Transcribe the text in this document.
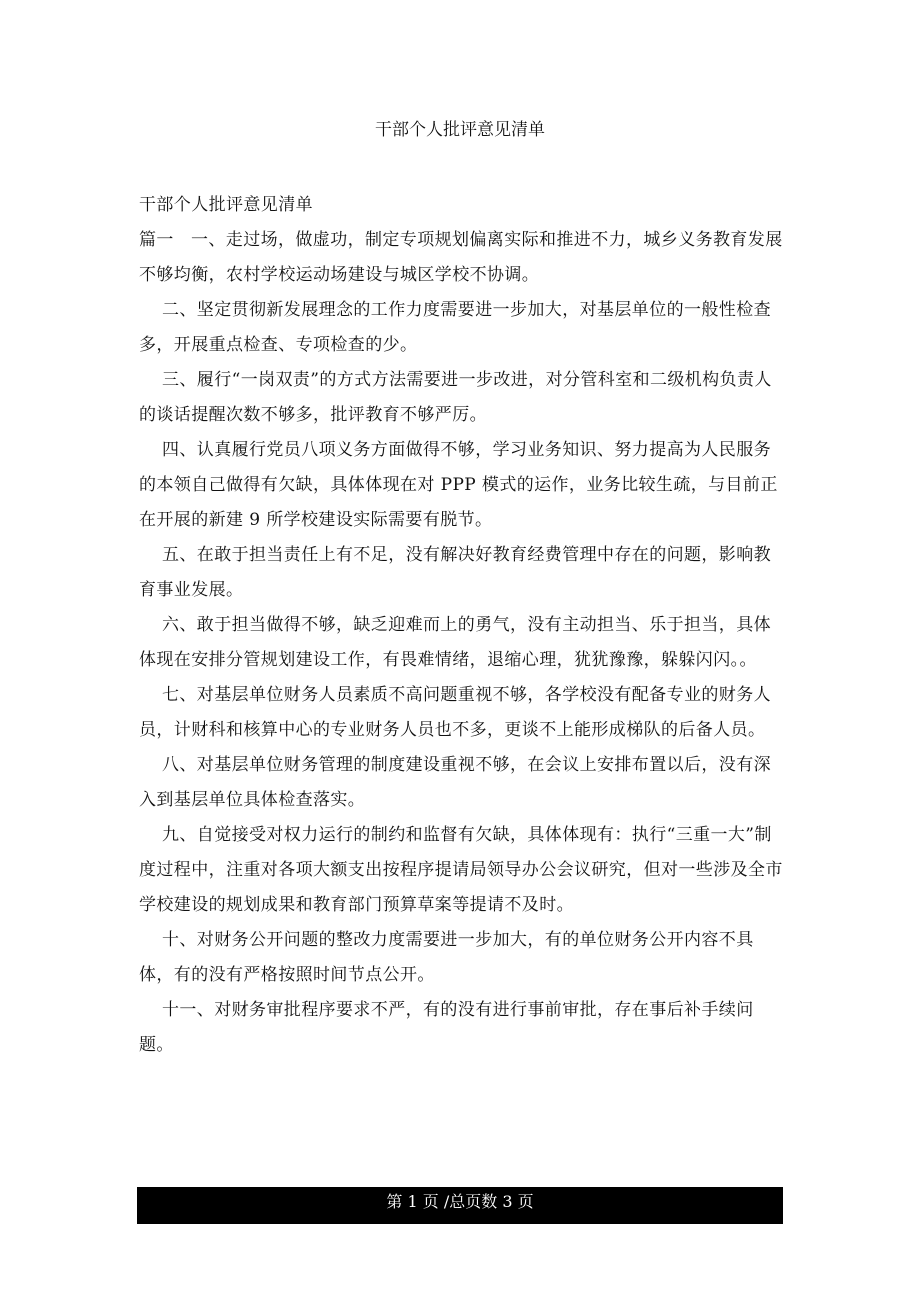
干部个人批评意见清单

干部个人批评意见清单

篇一 一、走过场，做虚功，制定专项规划偏离实际和推进不力，城乡义务教育发展不够均衡，农村学校运动场建设与城区学校不协调。

二、坚定贯彻新发展理念的工作力度需要进一步加大，对基层单位的一般性检查多，开展重点检查、专项检查的少。

三、履行“一岗双责”的方式方法需要进一步改进，对分管科室和二级机构负责人的谈话提醒次数不够多，批评教育不够严厉。

四、认真履行党员八项义务方面做得不够，学习业务知识、努力提高为人民服务的本领自己做得有欠缺，具体体现在对 PPP 模式的运作，业务比较生疏，与目前正在开展的新建 9 所学校建设实际需要有脱节。

五、在敢于担当责任上有不足，没有解决好教育经费管理中存在的问题，影响教育事业发展。

六、敢于担当做得不够，缺乏迎难而上的勇气，没有主动担当、乐于担当，具体体现在安排分管规划建设工作，有畏难情绪，退缩心理，犹犹豫豫，躲躲闪闪。。

七、对基层单位财务人员素质不高问题重视不够，各学校没有配备专业的财务人员，计财科和核算中心的专业财务人员也不多，更谈不上能形成梯队的后备人员。

八、对基层单位财务管理的制度建设重视不够，在会议上安排布置以后，没有深入到基层单位具体检查落实。

九、自觉接受对权力运行的制约和监督有欠缺，具体体现有：执行“三重一大”制度过程中，注重对各项大额支出按程序提请局领导办公会议研究，但对一些涉及全市学校建设的规划成果和教育部门预算草案等提请不及时。

十、对财务公开问题的整改力度需要进一步加大，有的单位财务公开内容不具体，有的没有严格按照时间节点公开。

十一、对财务审批程序要求不严，有的没有进行事前审批，存在事后补手续问题。

第 1 页 /总页数 3 页
